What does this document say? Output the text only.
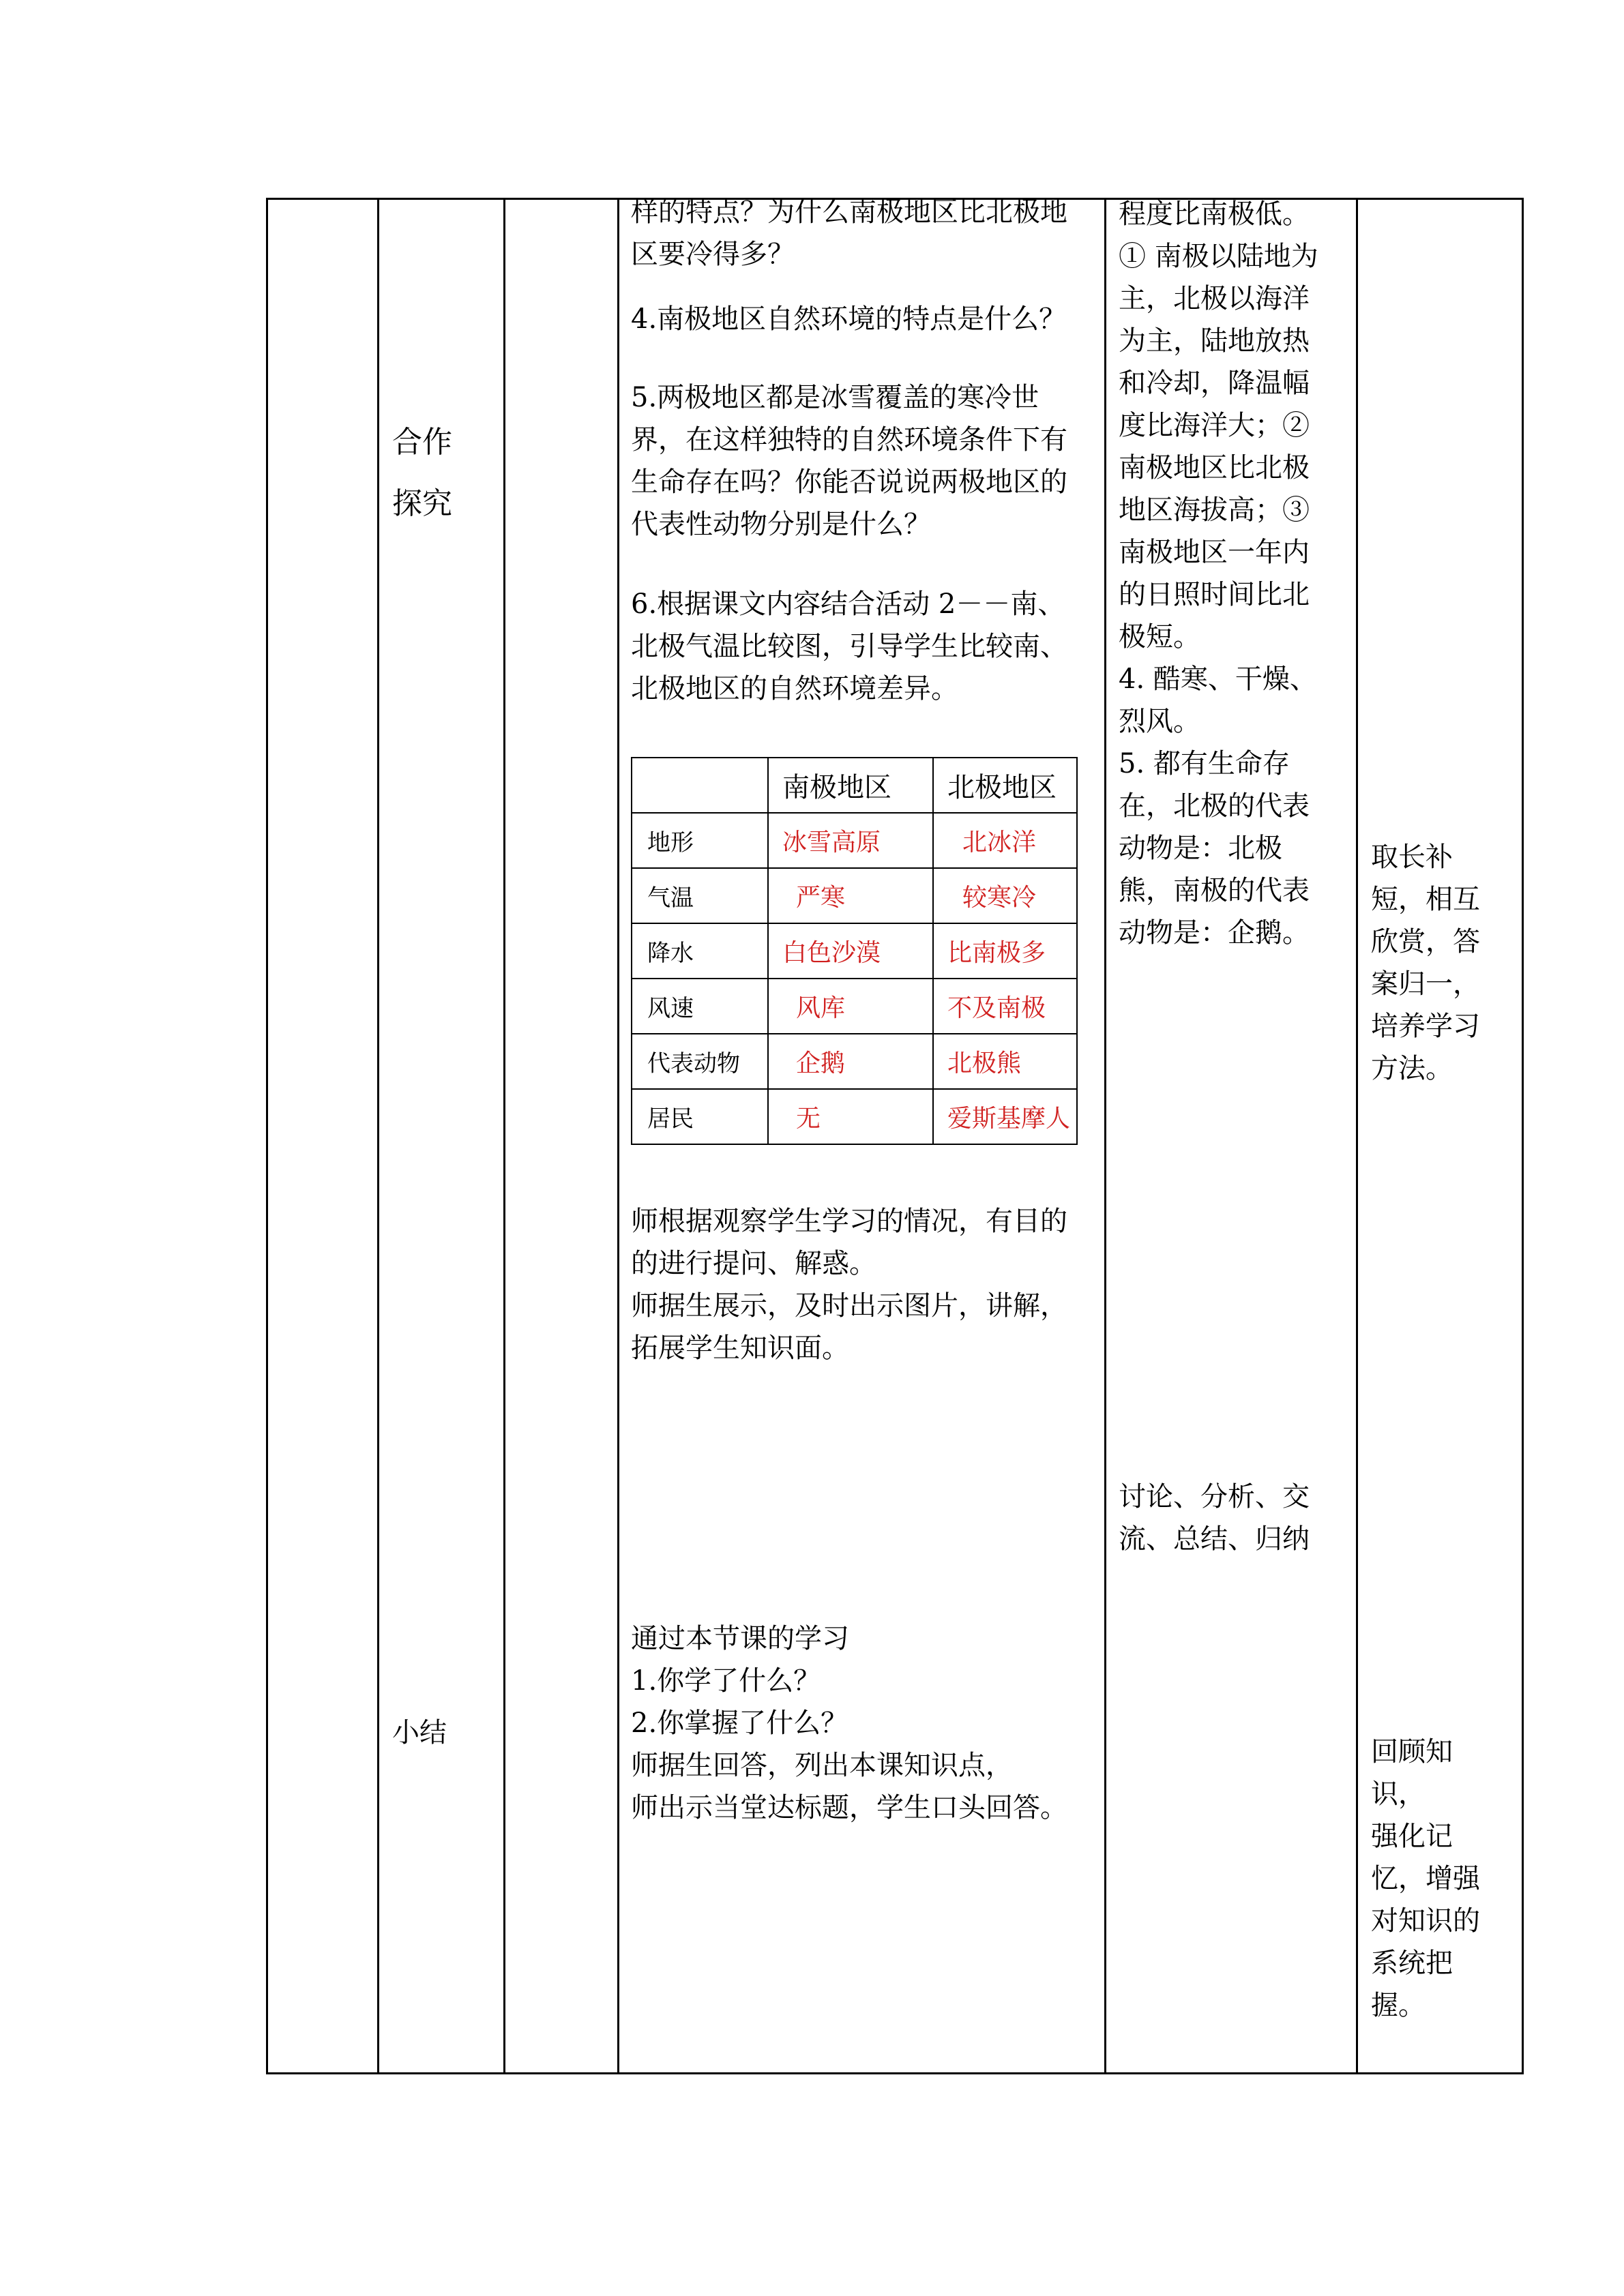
合作
探究
小结
样的特点？为什么南极地区比北极地
区要冷得多？
4.南极地区自然环境的特点是什么？
5.两极地区都是冰雪覆盖的寒冷世
界，在这样独特的自然环境条件下有
生命存在吗？你能否说说两极地区的
代表性动物分别是什么？
6.根据课文内容结合活动 2－－南、
北极气温比较图，引导学生比较南、
北极地区的自然环境差异。
	南极地区	北极地区
地形	冰雪高原	北冰洋
气温	严寒	较寒冷
降水	白色沙漠	比南极多
风速	风库	不及南极
代表动物	企鹅	北极熊
居民	无	爱斯基摩人
师根据观察学生学习的情况，有目的
的进行提问、解惑。
师据生展示，及时出示图片，讲解，
拓展学生知识面。
通过本节课的学习
1.你学了什么？
2.你掌握了什么？
师据生回答，列出本课知识点，
师出示当堂达标题，学生口头回答。
程度比南极低。
① 南极以陆地为
主，北极以海洋
为主，陆地放热
和冷却，降温幅
度比海洋大；②
南极地区比北极
地区海拔高；③
南极地区一年内
的日照时间比北
极短。
4. 酷寒、干燥、
烈风。
5. 都有生命存
在，北极的代表
动物是：北极
熊，南极的代表
动物是：企鹅。
讨论、分析、交
流、总结、归纳
取长补
短，相互
欣赏，答
案归一，
培养学习
方法。
回顾知
识，
强化记
忆，增强
对知识的
系统把
握。
